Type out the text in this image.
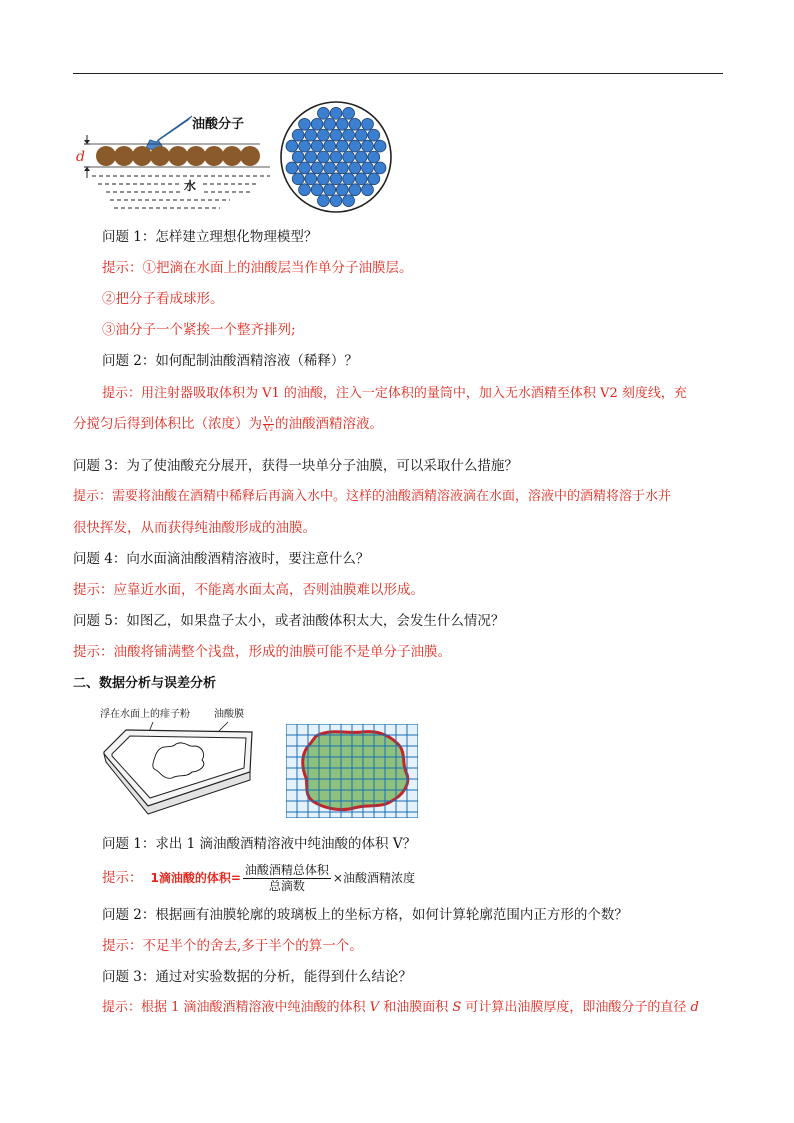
油酸分子
d
水
问题 1：怎样建立理想化物理模型？
提示：①把滴在水面上的油酸层当作单分子油膜层。
②把分子看成球形。
③油分子一个紧挨一个整齐排列;
问题 2：如何配制油酸酒精溶液（稀释）？
提示：用注射器吸取体积为 V1 的油酸，注入一定体积的量筒中，加入无水酒精至体积 V2 刻度线，充
分搅匀后得到体积比（浓度）为 $\frac{\text{V₁}}{\text{V₂}}$ 的油酸酒精溶液。
问题 3：为了使油酸充分展开，获得一块单分子油膜，可以采取什么措施？
提示：需要将油酸在酒精中稀释后再滴入水中。这样的油酸酒精溶液滴在水面，溶液中的酒精将溶于水并
很快挥发，从而获得纯油酸形成的油膜。
问题 4：向水面滴油酸酒精溶液时，要注意什么？
提示：应靠近水面，不能离水面太高，否则油膜难以形成。
问题 5：如图乙，如果盘子太小，或者油酸体积太大，会发生什么情况？
提示：油酸将铺满整个浅盘，形成的油膜可能不是单分子油膜。
二、数据分析与误差分析
浮在水面上的痱子粉 油酸膜
问题 1：求出 1 滴油酸酒精溶液中纯油酸的体积 V？
提示： 1滴油酸的体积= $\frac{\text{油酸酒精总体积}}{\text{总滴数}}$ ×油酸酒精浓度
问题 2：根据画有油膜轮廓的玻璃板上的坐标方格，如何计算轮廓范围内正方形的个数？
提示：不足半个的舍去,多于半个的算一个。
问题 3：通过对实验数据的分析，能得到什么结论？
提示：根据 1 滴油酸酒精溶液中纯油酸的体积 V 和油膜面积 S 可计算出油膜厚度，即油酸分子的直径 d
